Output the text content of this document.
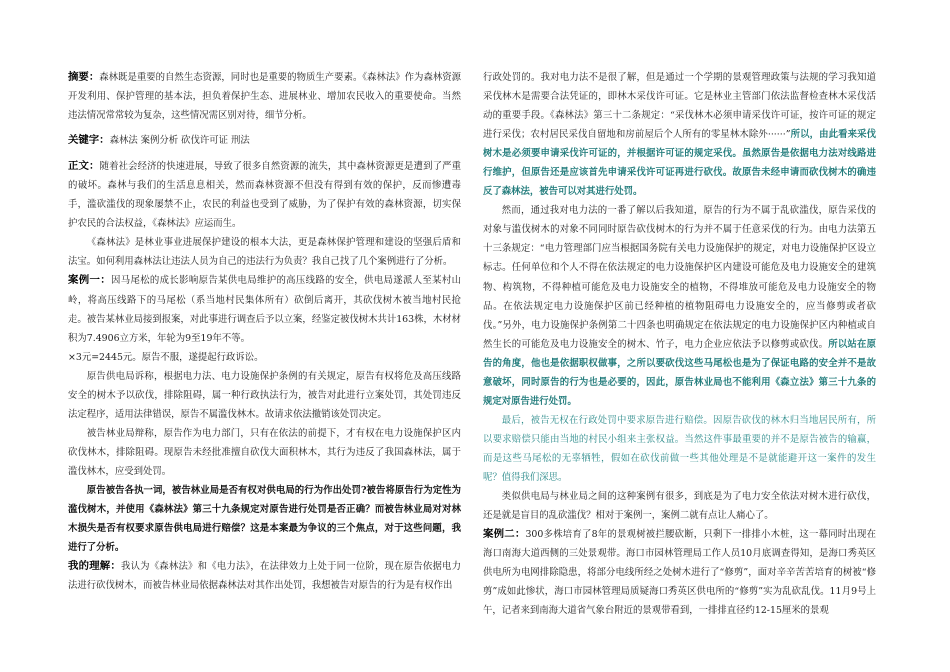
摘要：森林既是重要的自然生态资源，同时也是重要的物质生产要素。《森林法》作为森林资源开发利用、保护管理的基本法，担负着保护生态、进展林业、增加农民收入的重要使命。当然违法情况常常较为复杂，这些情况需区别对待，细节分析。

关键字：森林法 案例分析 砍伐许可证 刑法

正文：随着社会经济的快速进展，导致了很多自然资源的流失，其中森林资源更是遭到了严重的破坏。森林与我们的生活息息相关，然而森林资源不但没有得到有效的保护，反而惨遭毒手，滥砍滥伐的现象屡禁不止，农民的利益也受到了威胁，为了保护有效的森林资源，切实保护农民的合法权益，《森林法》应运而生。

《森林法》是林业事业进展保护建设的根本大法，更是森林保护管理和建设的坚强后盾和法宝。如何利用森林法让违法人员为自己的违法行为负责？我自己找了几个案例进行了分析。

案例一：因马尾松的成长影响原告某供电局维护的高压线路的安全，供电局遂派人至某村山岭，将高压线路下的马尾松（系当地村民集体所有）砍倒后离开，其砍伐树木被当地村民抢走。被告某林业局接到报案，对此事进行调查后予以立案，经鉴定被伐树木共计163株，木材材积为7.4906立方米，年轮为9至19年不等。

×3元=2445元。原告不服，遂提起行政诉讼。

原告供电局诉称，根据电力法、电力设施保护条例的有关规定，原告有权将危及高压线路安全的树木予以砍伐，排除阻碍，属一种行政执法行为，被告对此进行立案处罚，其处罚违反法定程序，适用法律错误，原告不属滥伐林木。故请求依法撤销该处罚决定。

被告林业局辩称，原告作为电力部门，只有在依法的前提下，才有权在电力设施保护区内砍伐林木，排除阻碍。现原告未经批准擅自砍伐大面积林木，其行为违反了我国森林法，属于滥伐林木，应受到处罚。

原告被告各执一词，被告林业局是否有权对供电局的行为作出处罚?被告将原告行为定性为滥伐树木，并使用《森林法》第三十九条规定对原告进行处罚是否正确？而被告林业局对对林木损失是否有权要求原告供电局进行赔偿？这是本案最为争议的三个焦点，对于这些问题，我进行了分析。

我的理解：我认为《森林法》和《电力法》，在法律效力上处于同一位阶，现在原告依据电力法进行砍伐树木，而被告林业局依据森林法对其作出处罚，我想被告对原告的行为是有权作出

行政处罚的。我对电力法不是很了解，但是通过一个学期的景观管理政策与法规的学习我知道采伐林木是需要合法凭证的，即林木采伐许可证。它是林业主管部门依法监督检查林木采伐活动的重要手段。《森林法》第三十二条规定：“采伐林木必须申请采伐许可证，按许可证的规定进行采伐；农村居民采伐自留地和房前屋后个人所有的零星林木除外······”所以，由此看来采伐树木是必须要申请采伐许可证的，并根据许可证的规定采伐。虽然原告是依据电力法对线路进行维护，但原告还是应该首先申请采伐许可证再进行砍伐。故原告未经申请而砍伐树木的确违反了森林法，被告可以对其进行处罚。

然而，通过我对电力法的一番了解以后我知道，原告的行为不属于乱砍滥伐，原告采伐的对象与滥伐树木的对象不同同时原告砍伐树木的行为并不属于任意采伐的行为。由电力法第五十三条规定：“电力管理部门应当根据国务院有关电力设施保护的规定，对电力设施保护区设立标志。任何单位和个人不得在依法规定的电力设施保护区内建设可能危及电力设施安全的建筑物、构筑物，不得种植可能危及电力设施安全的植物，不得堆放可能危及电力设施安全的物品。在依法规定电力设施保护区前已经种植的植物阻碍电力设施安全的，应当修剪或者砍伐。”另外，电力设施保护条例第二十四条也明确规定在依法规定的电力设施保护区内种植或自然生长的可能危及电力设施安全的树木、竹子，电力企业应依法予以修剪或砍伐。所以站在原告的角度，他也是依据职权做事，之所以要砍伐这些马尾松也是为了保证电路的安全并不是故意破坏，同时原告的行为也是必要的，因此，原告林业局也不能利用《森立法》第三十九条的规定对原告进行处罚。

最后，被告无权在行政处罚中要求原告进行赔偿。因原告砍伐的林木归当地居民所有，所以要求赔偿只能由当地的村民小组来主张权益。当然这件事最重要的并不是原告被告的输赢，而是这些马尾松的无辜牺牲，假如在砍伐前做一些其他处理是不是就能避开这一案件的发生呢？值得我们深思。

类似供电局与林业局之间的这种案例有很多，到底是为了电力安全依法对树木进行砍伐，还是就是盲目的乱砍滥伐？相对于案例一，案例二就有点让人痛心了。

案例二：300多株培育了8年的景观树被拦腰砍断，只剩下一排排小木桩，这一幕同时出现在海口南海大道西侧的三处景观带。海口市园林管理局工作人员10月底调查得知，是海口秀英区供电所为电网排除隐患，将部分电线所经之处树木进行了“修剪”，面对辛辛苦苦培育的树被“修剪”成如此惨状，海口市园林管理局质疑海口秀英区供电所的“修剪”实为乱砍乱伐。11月9号上午，记者来到南海大道省气象台附近的景观带看到，一排排直径约12-15厘米的景观
